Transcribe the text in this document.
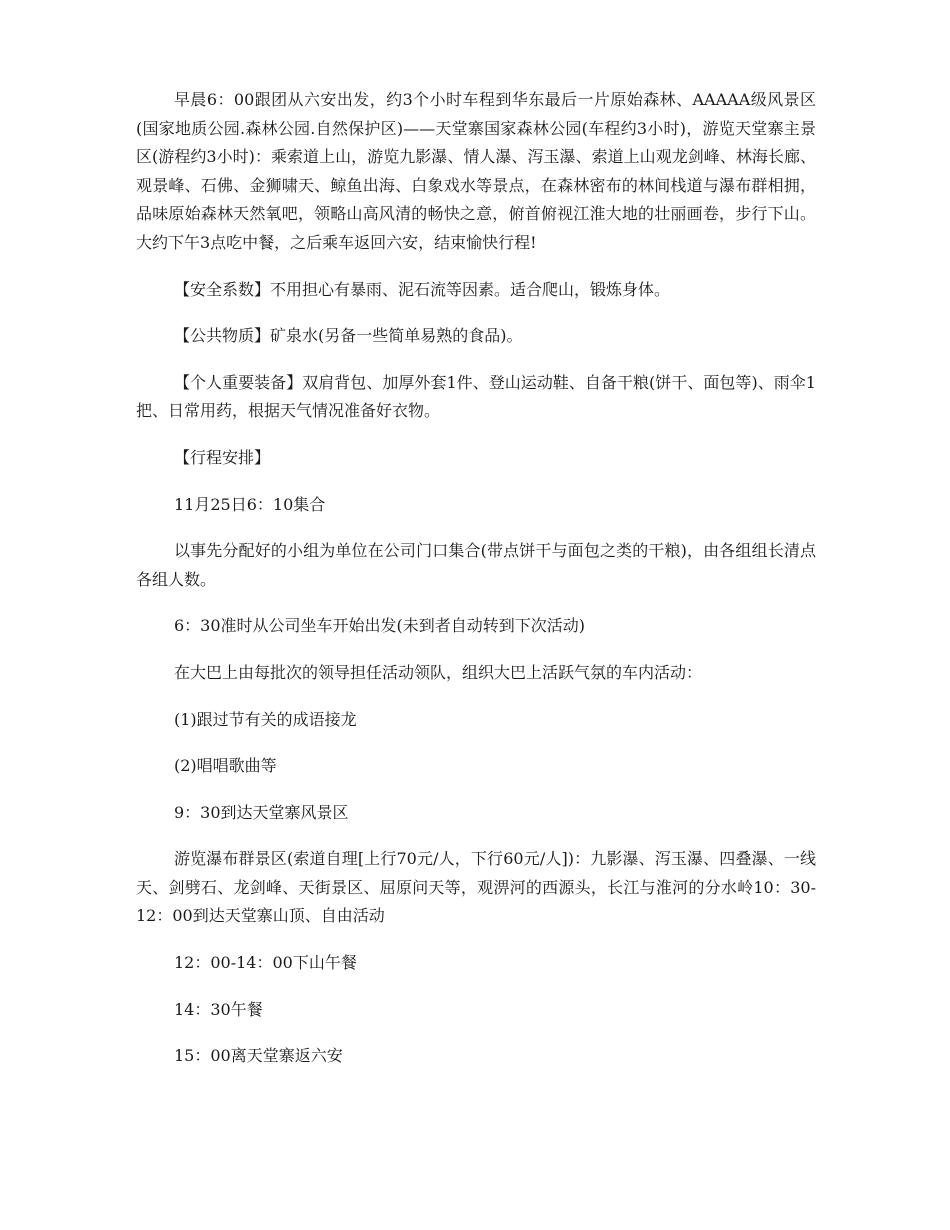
早晨6：00跟团从六安出发，约3个小时车程到华东最后一片原始森林、AAAAA级风景区(国家地质公园.森林公园.自然保护区)——天堂寨国家森林公园(车程约3小时)，游览天堂寨主景区(游程约3小时)：乘索道上山，游览九影瀑、情人瀑、泻玉瀑、索道上山观龙剑峰、林海长廊、观景峰、石佛、金狮啸天、鲸鱼出海、白象戏水等景点，在森林密布的林间栈道与瀑布群相拥，品味原始森林天然氧吧，领略山高风清的畅快之意，俯首俯视江淮大地的壮丽画卷，步行下山。大约下午3点吃中餐，之后乘车返回六安，结束愉快行程!

【安全系数】不用担心有暴雨、泥石流等因素。适合爬山，锻炼身体。

【公共物质】矿泉水(另备一些简单易熟的食品)。

【个人重要装备】双肩背包、加厚外套1件、登山运动鞋、自备干粮(饼干、面包等)、雨伞1把、日常用药，根据天气情况准备好衣物。

【行程安排】

11月25日6：10集合

以事先分配好的小组为单位在公司门口集合(带点饼干与面包之类的干粮)，由各组组长清点各组人数。

6：30准时从公司坐车开始出发(未到者自动转到下次活动)

在大巴上由每批次的领导担任活动领队，组织大巴上活跃气氛的车内活动：

(1)跟过节有关的成语接龙

(2)唱唱歌曲等

9：30到达天堂寨风景区

游览瀑布群景区(索道自理[上行70元/人，下行60元/人])：九影瀑、泻玉瀑、四叠瀑、一线天、剑劈石、龙剑峰、天街景区、屈原问天等，观淠河的西源头，长江与淮河的分水岭10：30-12：00到达天堂寨山顶、自由活动

12：00-14：00下山午餐

14：30午餐

15：00离天堂寨返六安
